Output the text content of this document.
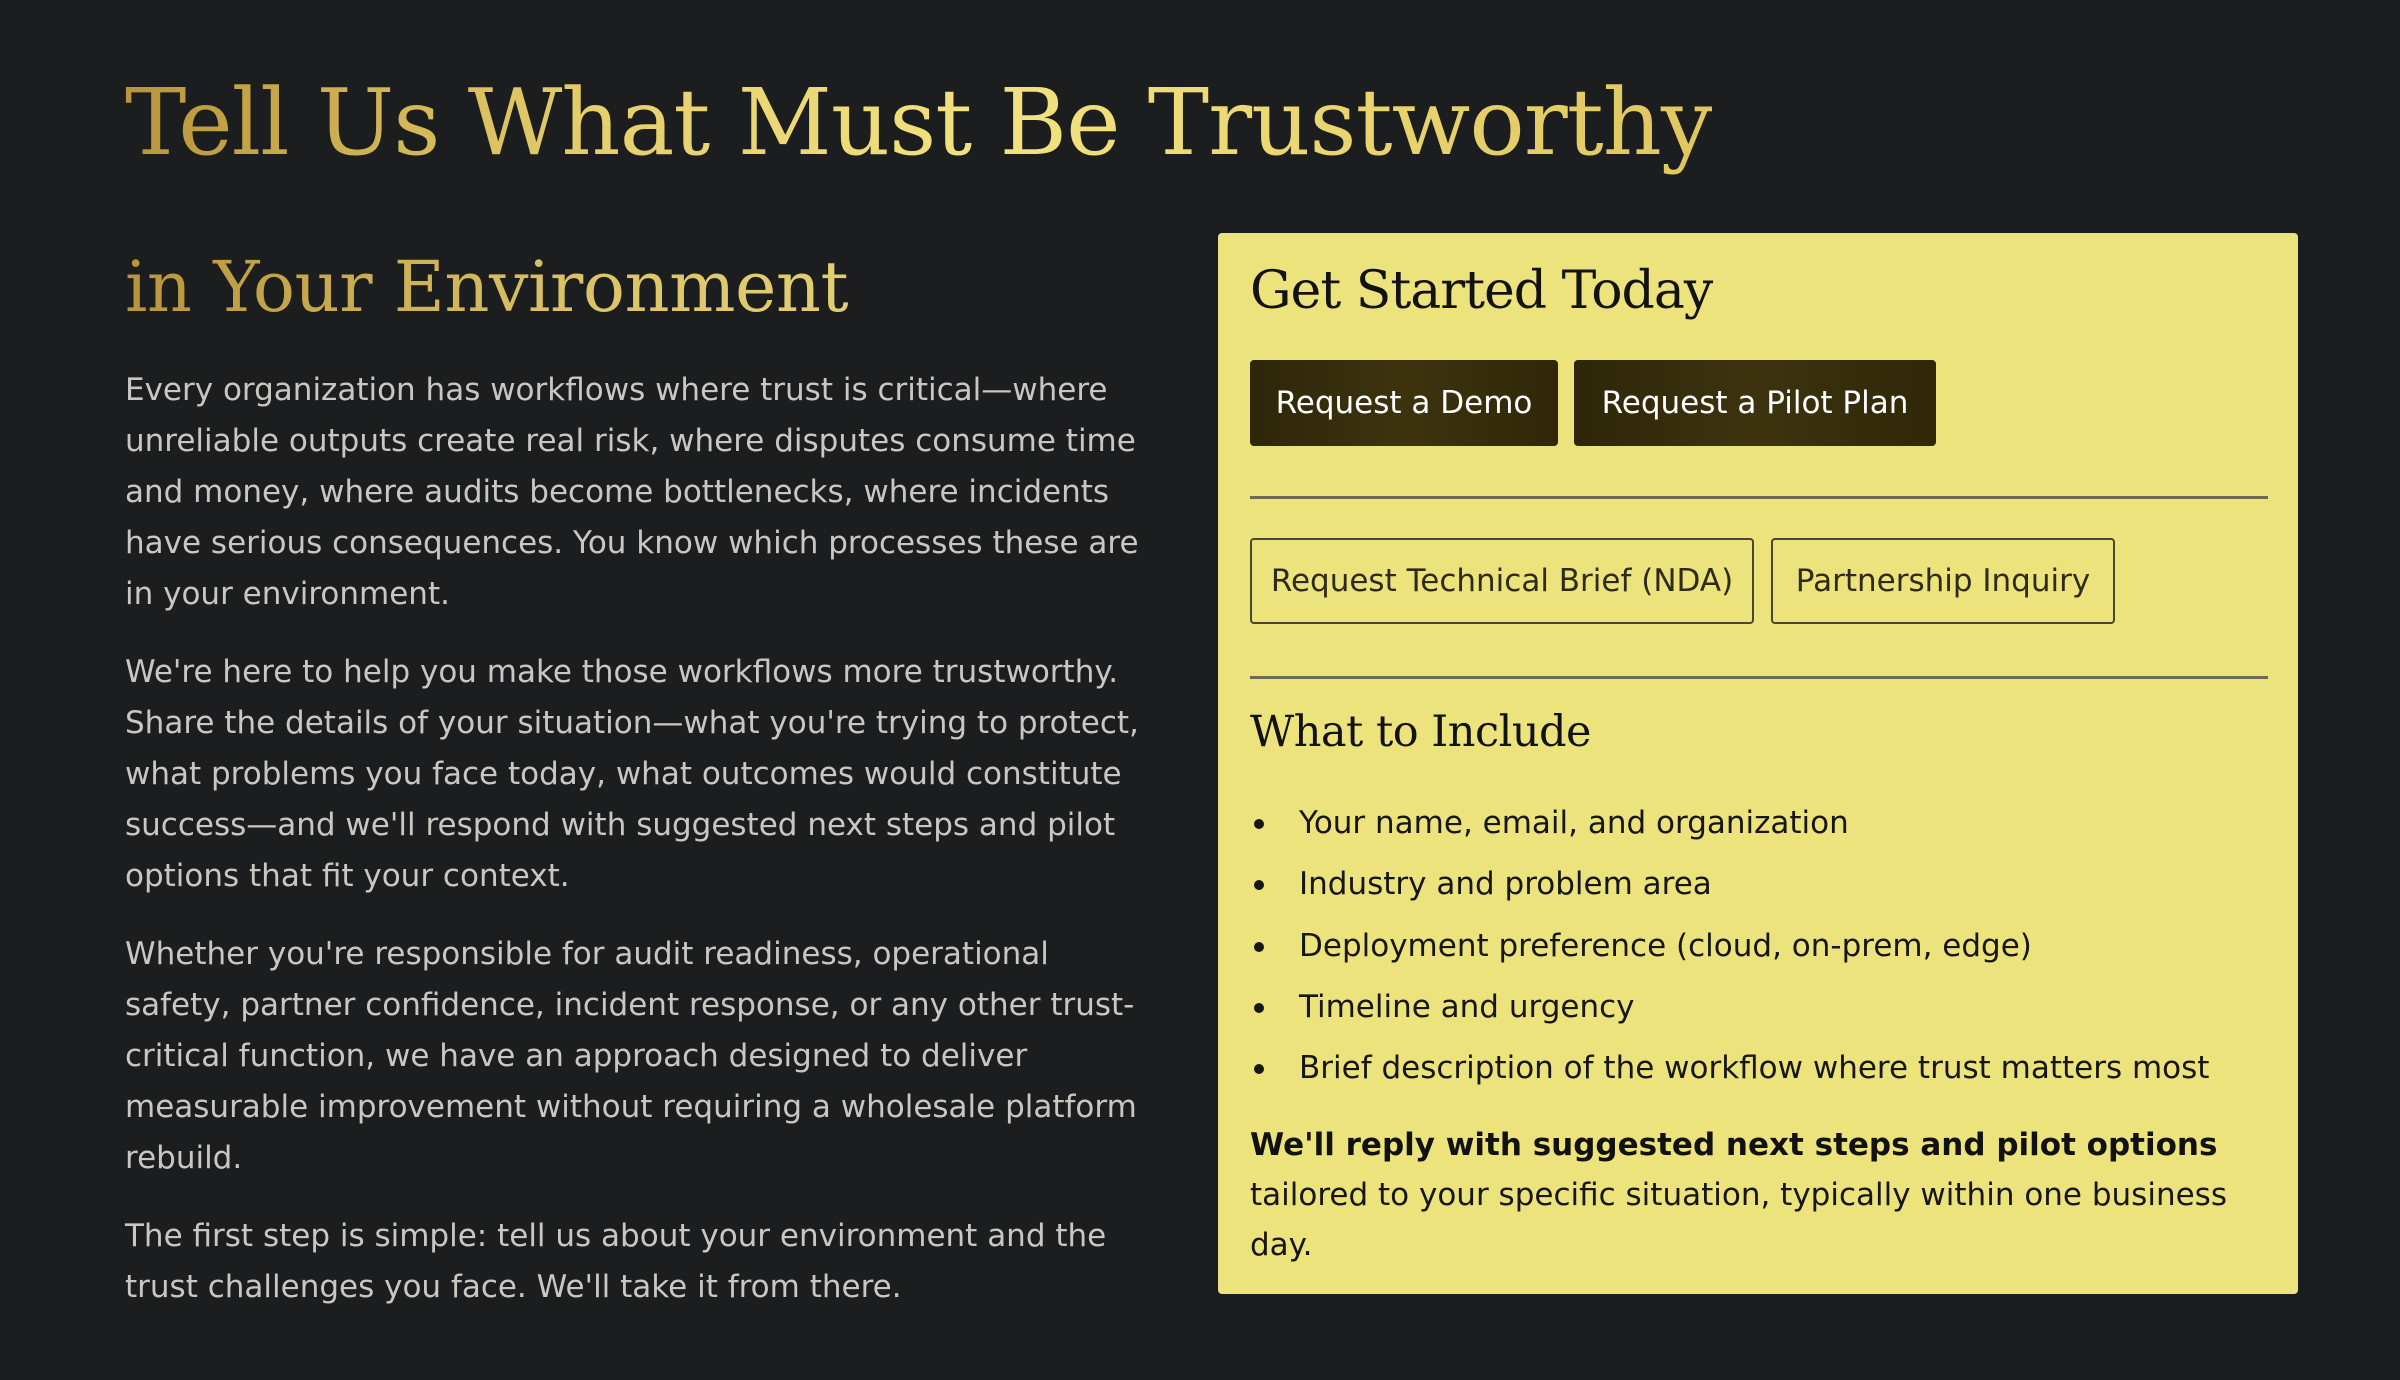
Tell Us What Must Be Trustworthy
in Your Environment

Every organization has workflows where trust is critical—where unreliable outputs create real risk, where disputes consume time and money, where audits become bottlenecks, where incidents have serious consequences. You know which processes these are in your environment.

We're here to help you make those workflows more trustworthy. Share the details of your situation—what you're trying to protect, what problems you face today, what outcomes would constitute success—and we'll respond with suggested next steps and pilot options that fit your context.

Whether you're responsible for audit readiness, operational safety, partner confidence, incident response, or any other trust-critical function, we have an approach designed to deliver measurable improvement without requiring a wholesale platform rebuild.

The first step is simple: tell us about your environment and the trust challenges you face. We'll take it from there.

Get Started Today
Request a Demo	Request a Pilot Plan
Request Technical Brief (NDA)	Partnership Inquiry
What to Include
Your name, email, and organization
Industry and problem area
Deployment preference (cloud, on-prem, edge)
Timeline and urgency
Brief description of the workflow where trust matters most

We'll reply with suggested next steps and pilot options tailored to your specific situation, typically within one business day.
